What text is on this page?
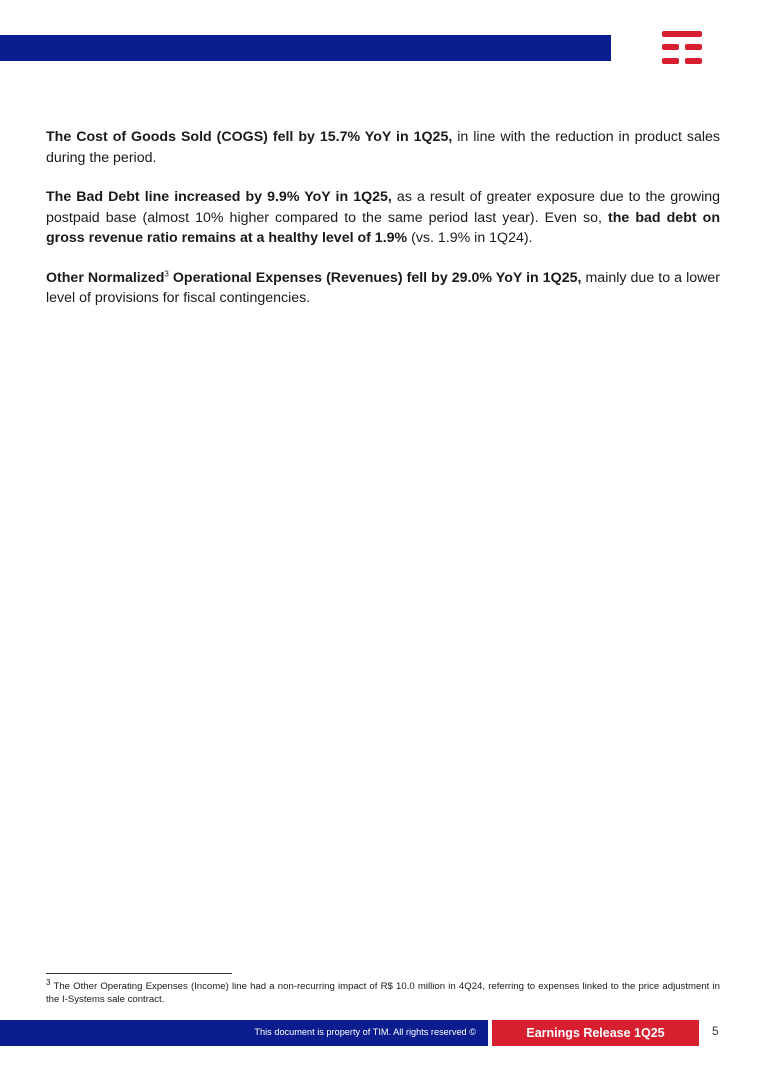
The Cost of Goods Sold (COGS) fell by 15.7% YoY in 1Q25, in line with the reduction in product sales during the period.

The Bad Debt line increased by 9.9% YoY in 1Q25, as a result of greater exposure due to the growing postpaid base (almost 10% higher compared to the same period last year). Even so, the bad debt on gross revenue ratio remains at a healthy level of 1.9% (vs. 1.9% in 1Q24).

Other Normalized$^3$ Operational Expenses (Revenues) fell by 29.0% YoY in 1Q25, mainly due to a lower level of provisions for fiscal contingencies.

$^3$ The Other Operating Expenses (Income) line had a non-recurring impact of R$ 10.0 million in 4Q24, referring to expenses linked to the price adjustment in the I-Systems sale contract.
This document is property of TIM. All rights reserved ©	Earnings Release 1Q25	5
